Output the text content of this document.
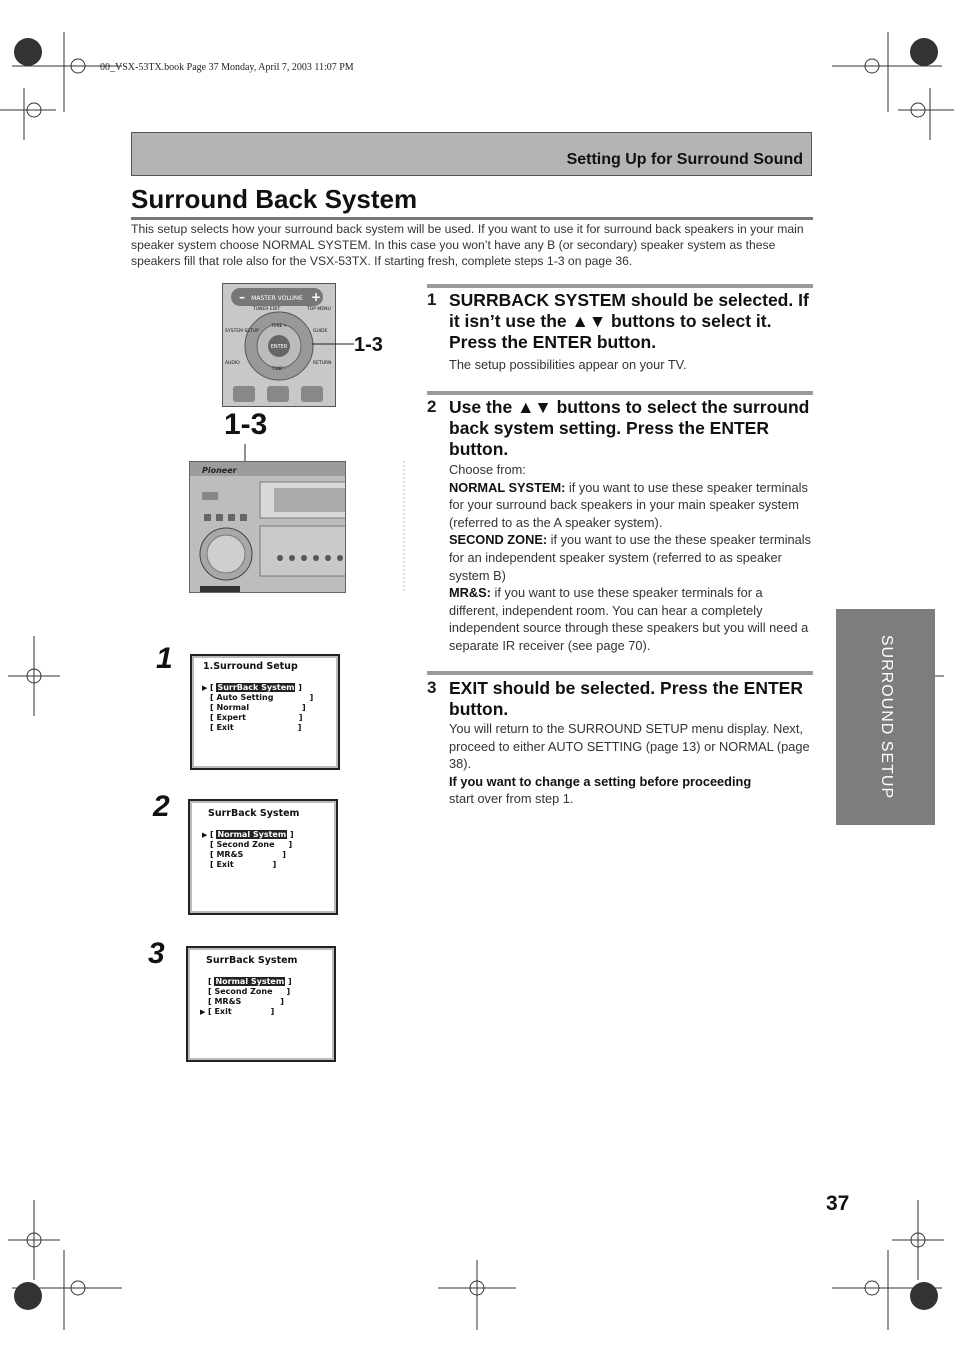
00_VSX-53TX.book Page 37 Monday, April 7, 2003 11:07 PM
Setting Up for Surround Sound
Surround Back System
This setup selects how your surround back system will be used. If you want to use it for surround back speakers in your main speaker system choose NORMAL SYSTEM. In this case you won’t have any B (or secondary) speaker system as these speakers fill that role also for the VSX-53TX. If starting fresh, complete steps 1-3 on page 36.
MASTER VOLUME
–	+
ENTER
TUNER EDIT	TOP MENU
GUIDE
SYSTEM SETUP
AUDIO	RETURN
TUNE +
TUNE –
1-3
1-3
Pioneer
1	1.Surround Setup
▶ [ SurrBack System ]
[ Auto Setting             ]
[ Normal                   ]
[ Expert                   ]
[ Exit                       ]
2	SurrBack System
▶ [ Normal System ]
[ Second Zone     ]
[ MR&S              ]
[ Exit              ]
3	SurrBack System
[ Normal System ]
[ Second Zone     ]
[ MR&S              ]
▶ [ Exit              ]
1 SURRBACK SYSTEM should be selected. If it isn’t use the ▲▼ buttons to select it. Press the ENTER button.
The setup possibilities appear on your TV.
2 Use the ▲▼ buttons to select the surround back system setting. Press the ENTER button.

Choose from:

NORMAL SYSTEM: if you want to use these speaker terminals for your surround back speakers in your main speaker system (referred to as the A speaker system).

SECOND ZONE: if you want to use the these speaker terminals for an independent speaker system (referred to as speaker system B)

MR&S: if you want to use these speaker terminals for a different, independent room. You can hear a completely independent source through these speakers but you will need a separate IR receiver (see page 70).

3 EXIT should be selected. Press the ENTER button.

You will return to the SURROUND SETUP menu display. Next, proceed to either AUTO SETTING (page 13) or NORMAL (page 38).

If you want to change a setting before proceeding

start over from step 1.	SURROUND SETUP
37
